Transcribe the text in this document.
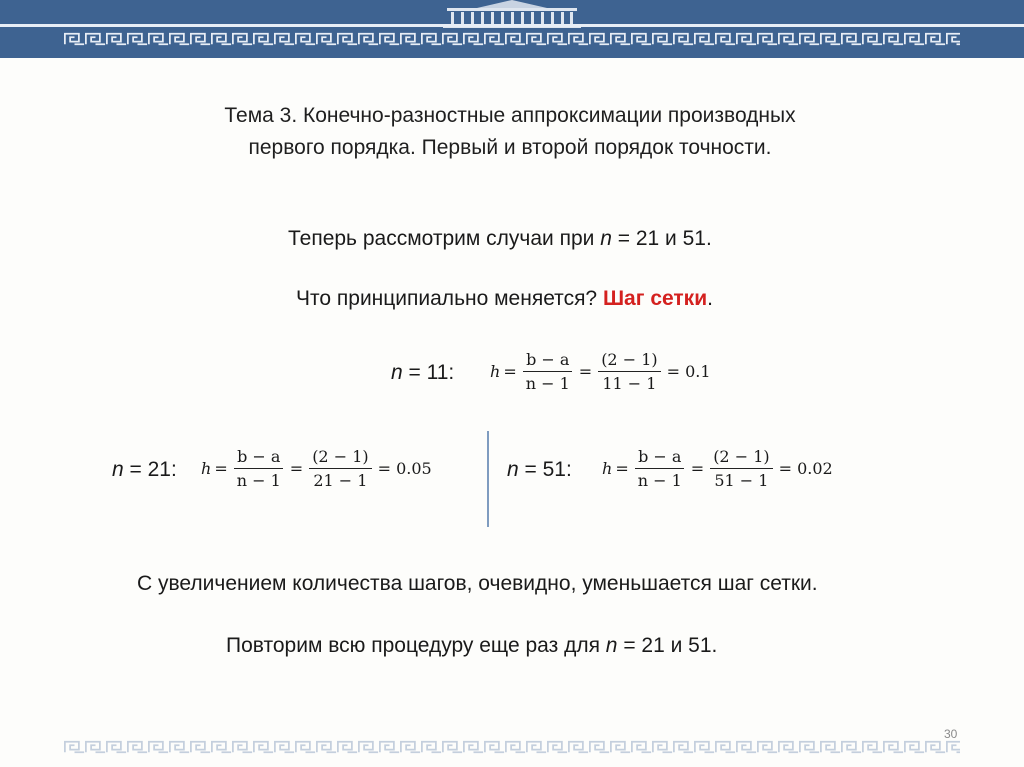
Тема 3. Конечно-разностные аппроксимации производных
первого порядка. Первый и второй порядок точности.
Теперь рассмотрим случаи при n = 21 и 51.
Что принципиально меняется? Шаг сетки.
n = 11: $h = \frac{b - a}{n - 1} = \frac{(2 - 1)}{11 - 1} = 0.1$
n = 21: $h = \frac{b - a}{n - 1} = \frac{(2 - 1)}{21 - 1} = 0.05$	n = 51: $h = \frac{b - a}{n - 1} = \frac{(2 - 1)}{51 - 1} = 0.02$
С увеличением количества шагов, очевидно, уменьшается шаг сетки.
Повторим всю процедуру еще раз для n = 21 и 51.
30
